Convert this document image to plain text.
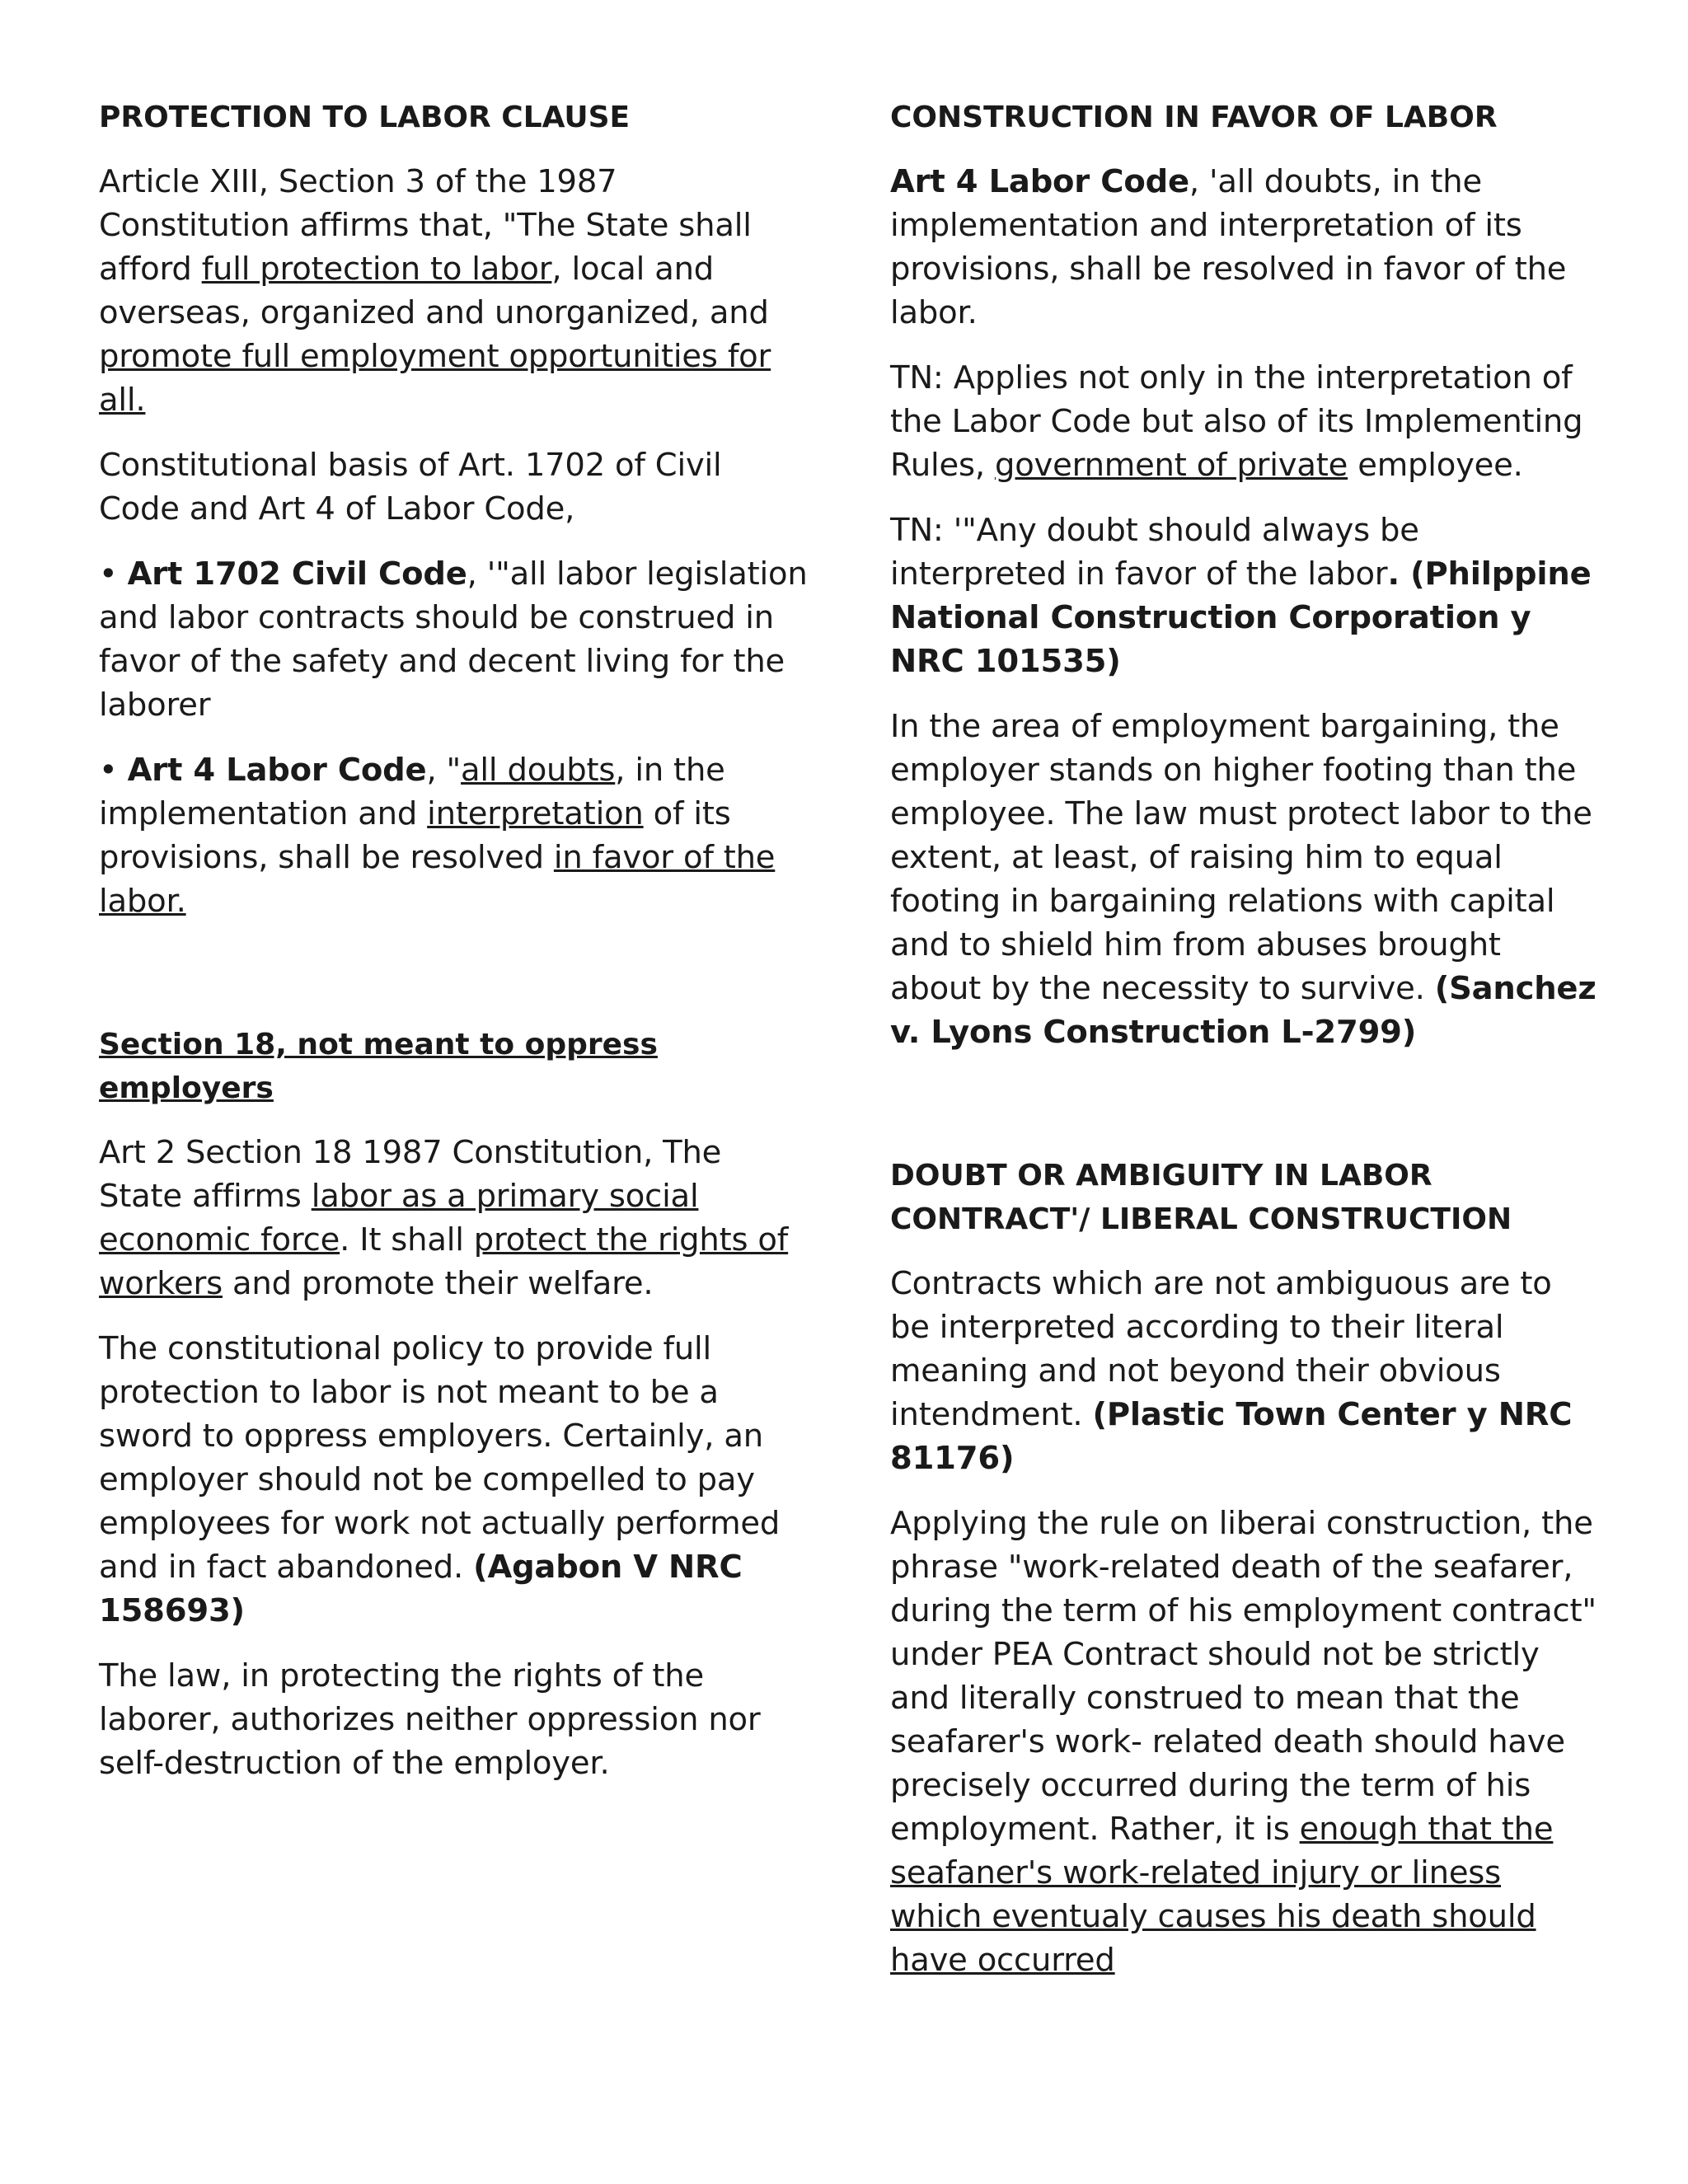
PROTECTION TO LABOR CLAUSE

Article XIII, Section 3 of the 1987 Constitution affirms that, "The State shall afford full protection to labor, local and overseas, organized and unorganized, and promote full employment opportunities for all.

Constitutional basis of Art. 1702 of Civil Code and Art 4 of Labor Code,

• Art 1702 Civil Code, '"all labor legislation and labor contracts should be construed in favor of the safety and decent living for the laborer

• Art 4 Labor Code, "all doubts, in the implementation and interpretation of its provisions, shall be resolved in favor of the labor.

Section 18, not meant to oppress employers

Art 2 Section 18 1987 Constitution, The State affirms labor as a primary social economic force. It shall protect the rights of workers and promote their welfare.

The constitutional policy to provide full protection to labor is not meant to be a sword to oppress employers. Certainly, an employer should not be compelled to pay employees for work not actually performed and in fact abandoned. (Agabon V NRC 158693)

The law, in protecting the rights of the laborer, authorizes neither oppression nor self-destruction of the employer.

CONSTRUCTION IN FAVOR OF LABOR

Art 4 Labor Code, 'all doubts, in the implementation and interpretation of its provisions, shall be resolved in favor of the labor.

TN: Applies not only in the interpretation of the Labor Code but also of its Implementing Rules, government of private employee.

TN: '"Any doubt should always be interpreted in favor of the labor. (Philppine National Construction Corporation y NRC 101535)

In the area of employment bargaining, the employer stands on higher footing than the employee. The law must protect labor to the extent, at least, of raising him to equal footing in bargaining relations with capital and to shield him from abuses brought about by the necessity to survive. (Sanchez v. Lyons Construction L-2799)

DOUBT OR AMBIGUITY IN LABOR CONTRACT'/ LIBERAL CONSTRUCTION

Contracts which are not ambiguous are to be interpreted according to their literal meaning and not beyond their obvious intendment. (Plastic Town Center y NRC 81176)

Applying the rule on liberai construction, the phrase "work-related death of the seafarer, during the term of his employment contract" under PEA Contract should not be strictly and literally construed to mean that the seafarer's work- related death should have precisely occurred during the term of his employment. Rather, it is enough that the seafaner's work-related injury or liness which eventualy causes his death should have occurred
